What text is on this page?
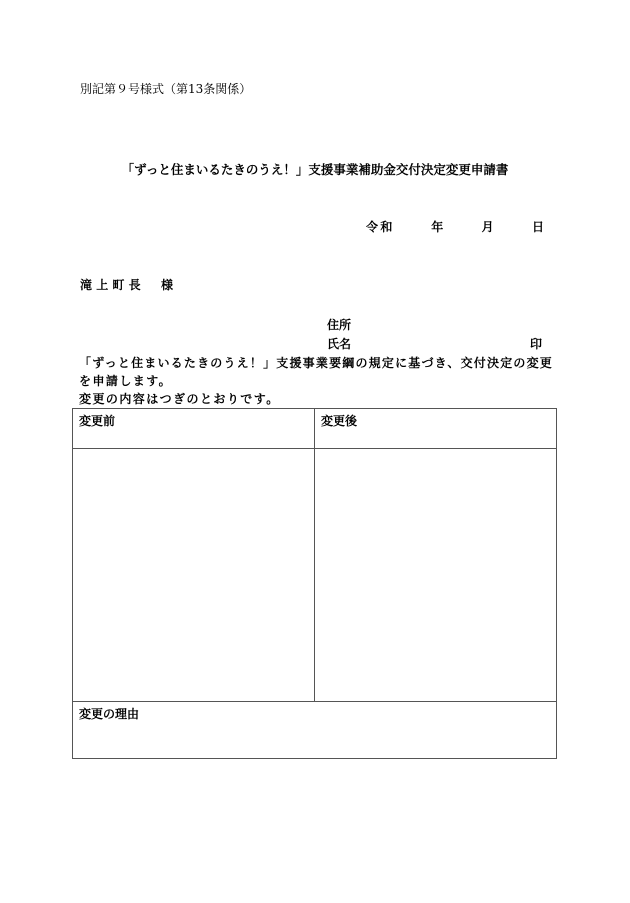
別記第９号様式（第13条関係）
「ずっと住まいるたきのうえ！」支援事業補助金交付決定変更申請書
令和	年	月	日
滝上町長　様
住所
氏名	印
「ずっと住まいるたきのうえ！」支援事業要綱の規定に基づき、交付決定の変更
を申請します。
変更の内容はつぎのとおりです。
変更前	変更後

変更の理由	
